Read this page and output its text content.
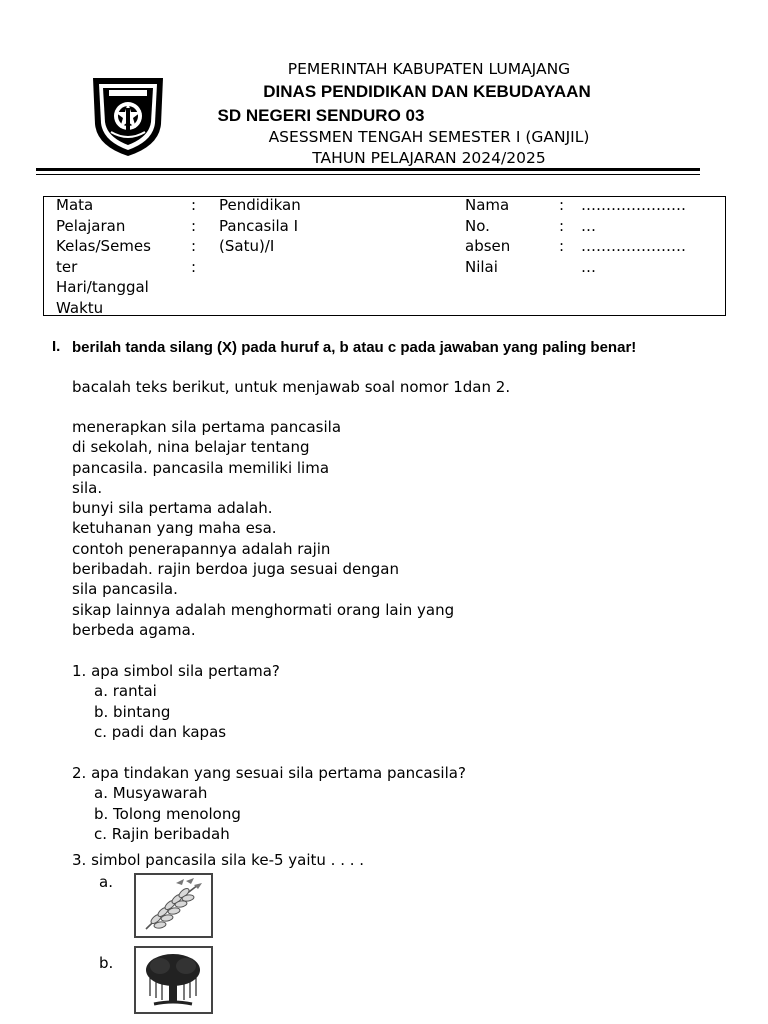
PEMERINTAH KABUPATEN LUMAJANG
DINAS PENDIDIKAN DAN KEBUDAYAAN
SD NEGERI SENDURO 03
ASESSMEN TENGAH SEMESTER I (GANJIL)
TAHUN PELAJARAN 2024/2025
Mata
Pelajaran
Kelas/Semes
ter
Hari/tanggal
Waktu
:
:
:
:
Pendidikan
Pancasila I
(Satu)/I
Nama
No.
absen
Nilai
:
:
:
…………………
…
…………………
…
I. berilah tanda silang (X) pada huruf a, b atau c pada jawaban yang paling benar!
bacalah teks berikut, untuk menjawab soal nomor 1dan 2.
menerapkan sila pertama pancasila
di sekolah, nina belajar tentang
pancasila. pancasila memiliki lima
sila.
bunyi sila pertama adalah.
ketuhanan yang maha esa.
contoh penerapannya adalah rajin
beribadah. rajin berdoa juga sesuai dengan
sila pancasila.
sikap lainnya adalah menghormati orang lain yang
berbeda agama.
1. apa simbol sila pertama?
a. rantai
b. bintang
c. padi dan kapas
2. apa tindakan yang sesuai sila pertama pancasila?
a. Musyawarah
b. Tolong menolong
c. Rajin beribadah
3. simbol pancasila sila ke-5 yaitu . . . .
a.
b.
